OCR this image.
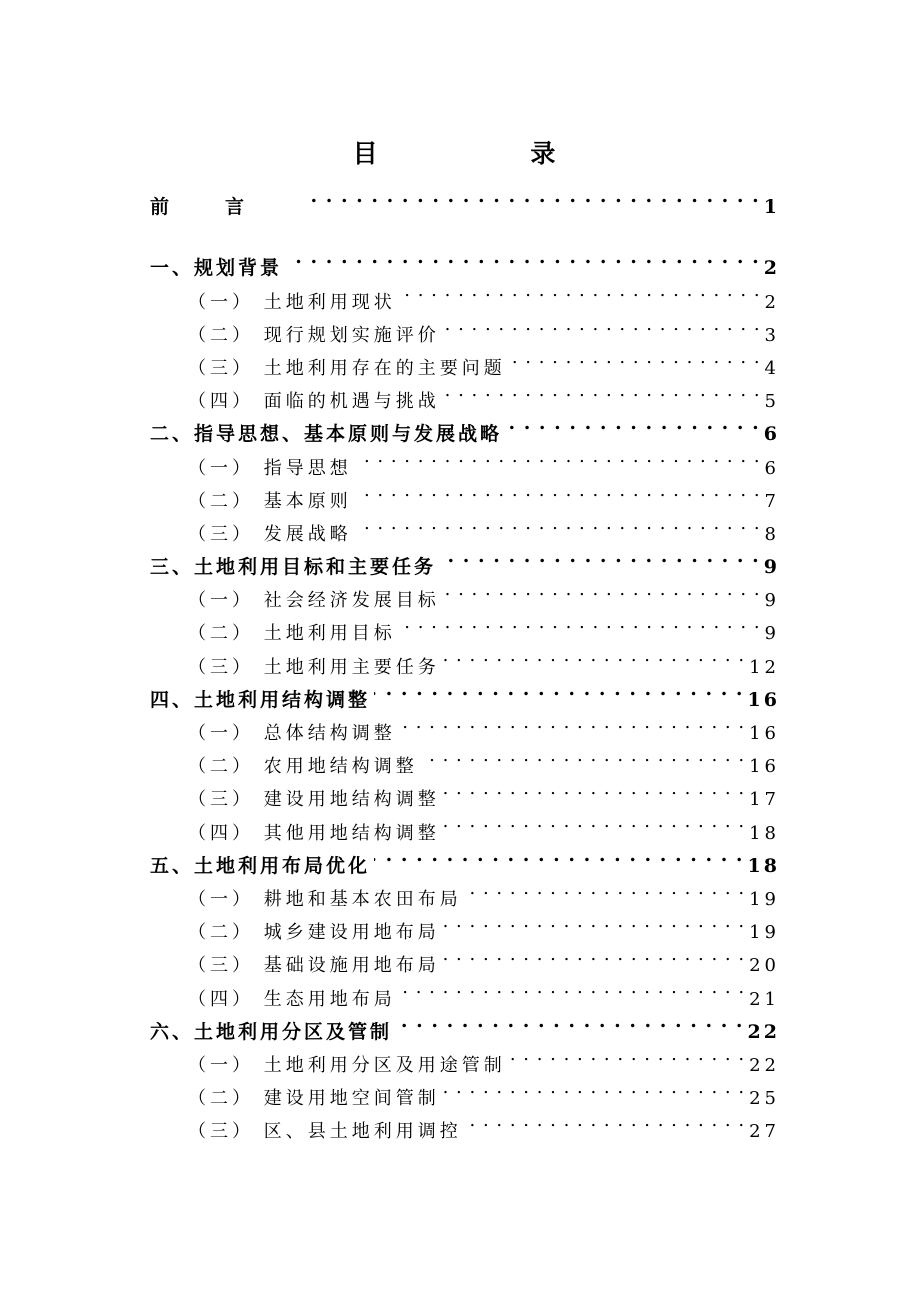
目 录
前言 . . .	1
一、规划背景 . . .	2
（一） 土地利用现状 . . .	2
（二） 现行规划实施评价 . . .	3
（三） 土地利用存在的主要问题 . . .	4
（四） 面临的机遇与挑战 . . .	5
二、指导思想、基本原则与发展战略 . . .	6
（一） 指导思想 . . .	6
（二） 基本原则 . . .	7
（三） 发展战略 . . .	8
三、土地利用目标和主要任务 . . .	9
（一） 社会经济发展目标 . . .	9
（二） 土地利用目标 . . .	9
（三） 土地利用主要任务 . . .	12
四、土地利用结构调整 . . .	16
（一） 总体结构调整 . . .	16
（二） 农用地结构调整 . . .	16
（三） 建设用地结构调整 . . .	17
（四） 其他用地结构调整 . . .	18
五、土地利用布局优化 . . .	18
（一） 耕地和基本农田布局 . . .	19
（二） 城乡建设用地布局 . . .	19
（三） 基础设施用地布局 . . .	20
（四） 生态用地布局 . . .	21
六、土地利用分区及管制 . . .	22
（一） 土地利用分区及用途管制 . . .	22
（二） 建设用地空间管制 . . .	25
（三） 区、县土地利用调控 . . .	27
